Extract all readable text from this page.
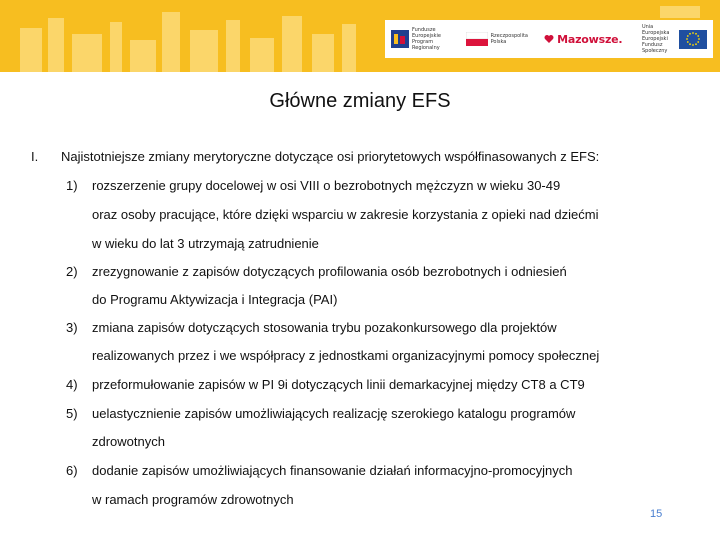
Fundusze Europejskie Program Regionalny
Rzeczpospolita Polska	Mazowsze.
Unia Europejska Europejski Fundusz Społeczny
Główne zmiany EFS
I. Najistotniejsze zmiany merytoryczne dotyczące osi priorytetowych współfinasowanych z EFS:
1) rozszerzenie grupy docelowej w osi VIII o bezrobotnych mężczyzn w wieku 30-49
oraz osoby pracujące, które dzięki wsparciu w zakresie korzystania z opieki nad dziećmi
w wieku do lat 3 utrzymają zatrudnienie
2) zrezygnowanie z zapisów dotyczących profilowania osób bezrobotnych i odniesień
do Programu Aktywizacja i Integracja (PAI)
3) zmiana zapisów dotyczących stosowania trybu pozakonkursowego dla projektów
realizowanych przez i we współpracy z jednostkami organizacyjnymi pomocy społecznej
4) przeformułowanie zapisów w PI 9i dotyczących linii demarkacyjnej między CT8 a CT9
5) uelastycznienie zapisów umożliwiających realizację szerokiego katalogu programów
zdrowotnych
6) dodanie zapisów umożliwiających finansowanie działań informacyjno-promocyjnych
w ramach programów zdrowotnych
15
